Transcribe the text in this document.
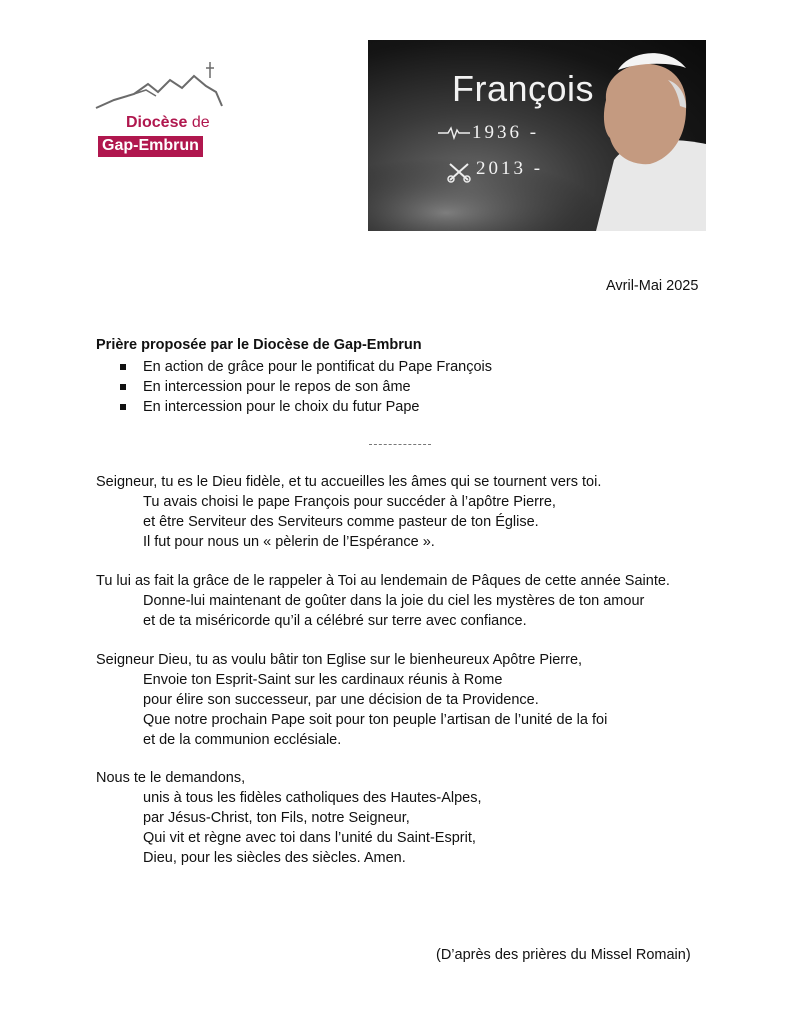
Diocèse de
Gap-Embrun
François
1936 -
2013 -
Avril-Mai 2025
Prière proposée par le Diocèse de Gap-Embrun
En action de grâce pour le pontificat du Pape François
En intercession pour le repos de son âme
En intercession pour le choix du futur Pape
Seigneur, tu es le Dieu fidèle, et tu accueilles les âmes qui se tournent vers toi.
Tu avais choisi le pape François pour succéder à l’apôtre Pierre,
et être Serviteur des Serviteurs comme pasteur de ton Église.
Il fut pour nous un « pèlerin de l’Espérance ».
Tu lui as fait la grâce de le rappeler à Toi au lendemain de Pâques de cette année Sainte.
Donne-lui maintenant de goûter dans la joie du ciel les mystères de ton amour
et de ta miséricorde qu’il a célébré sur terre avec confiance.
Seigneur Dieu, tu as voulu bâtir ton Eglise sur le bienheureux Apôtre Pierre,
Envoie ton Esprit-Saint sur les cardinaux réunis à Rome
pour élire son successeur, par une décision de ta Providence.
Que notre prochain Pape soit pour ton peuple l’artisan de l’unité de la foi
et de la communion ecclésiale.
Nous te le demandons,
unis à tous les fidèles catholiques des Hautes-Alpes,
par Jésus-Christ, ton Fils, notre Seigneur,
Qui vit et règne avec toi dans l’unité du Saint-Esprit,
Dieu, pour les siècles des siècles. Amen.
(D’après des prières du Missel Romain)
